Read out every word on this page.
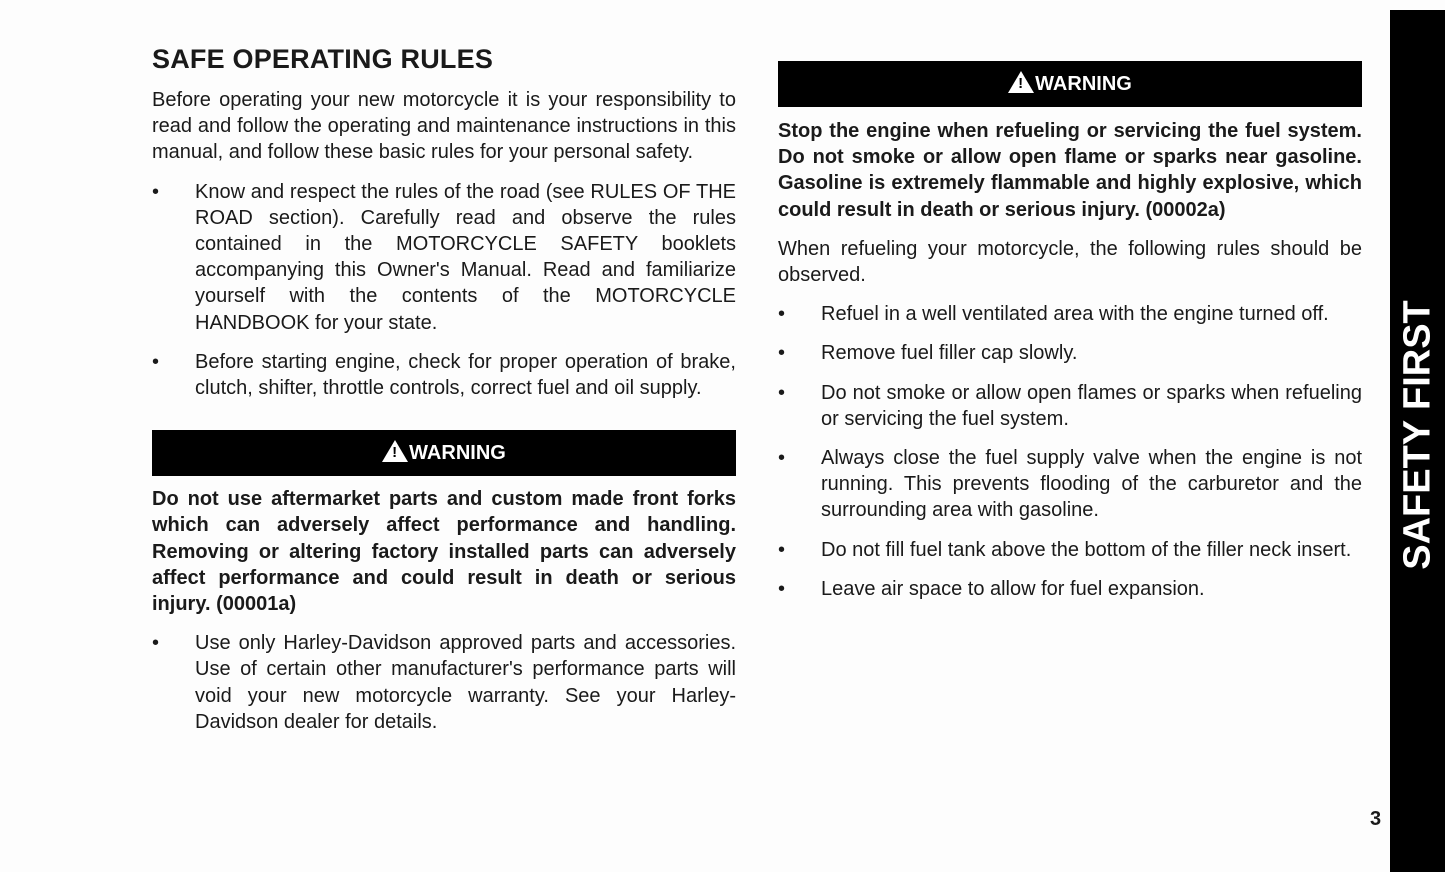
SAFE OPERATING RULES

Before operating your new motorcycle it is your responsibility to read and follow the operating and maintenance instructions in this manual, and follow these basic rules for your personal safety.

• Know and respect the rules of the road (see RULES OF THE ROAD section). Carefully read and observe the rules contained in the MOTORCYCLE SAFETY booklets accompanying this Owner's Manual. Read and familiarize yourself with the contents of the MOTORCYCLE HANDBOOK for your state.
• Before starting engine, check for proper operation of brake, clutch, shifter, throttle controls, correct fuel and oil supply.
!
WARNING

Do not use aftermarket parts and custom made front forks which can adversely affect performance and handling. Removing or altering factory installed parts can adversely affect performance and could result in death or serious injury. (00001a)

• Use only Harley-Davidson approved parts and accessories. Use of certain other manufacturer's performance parts will void your new motorcycle warranty. See your Harley-Davidson dealer for details.
!
WARNING

Stop the engine when refueling or servicing the fuel system. Do not smoke or allow open flame or sparks near gasoline. Gasoline is extremely flammable and highly explosive, which could result in death or serious injury. (00002a)

When refueling your motorcycle, the following rules should be observed.

• Refuel in a well ventilated area with the engine turned off.
• Remove fuel filler cap slowly.
• Do not smoke or allow open flames or sparks when refueling or servicing the fuel system.
• Always close the fuel supply valve when the engine is not running. This prevents flooding of the carburetor and the surrounding area with gasoline.
• Do not fill fuel tank above the bottom of the filler neck insert.
• Leave air space to allow for fuel expansion.
SAFETY FIRST
3
